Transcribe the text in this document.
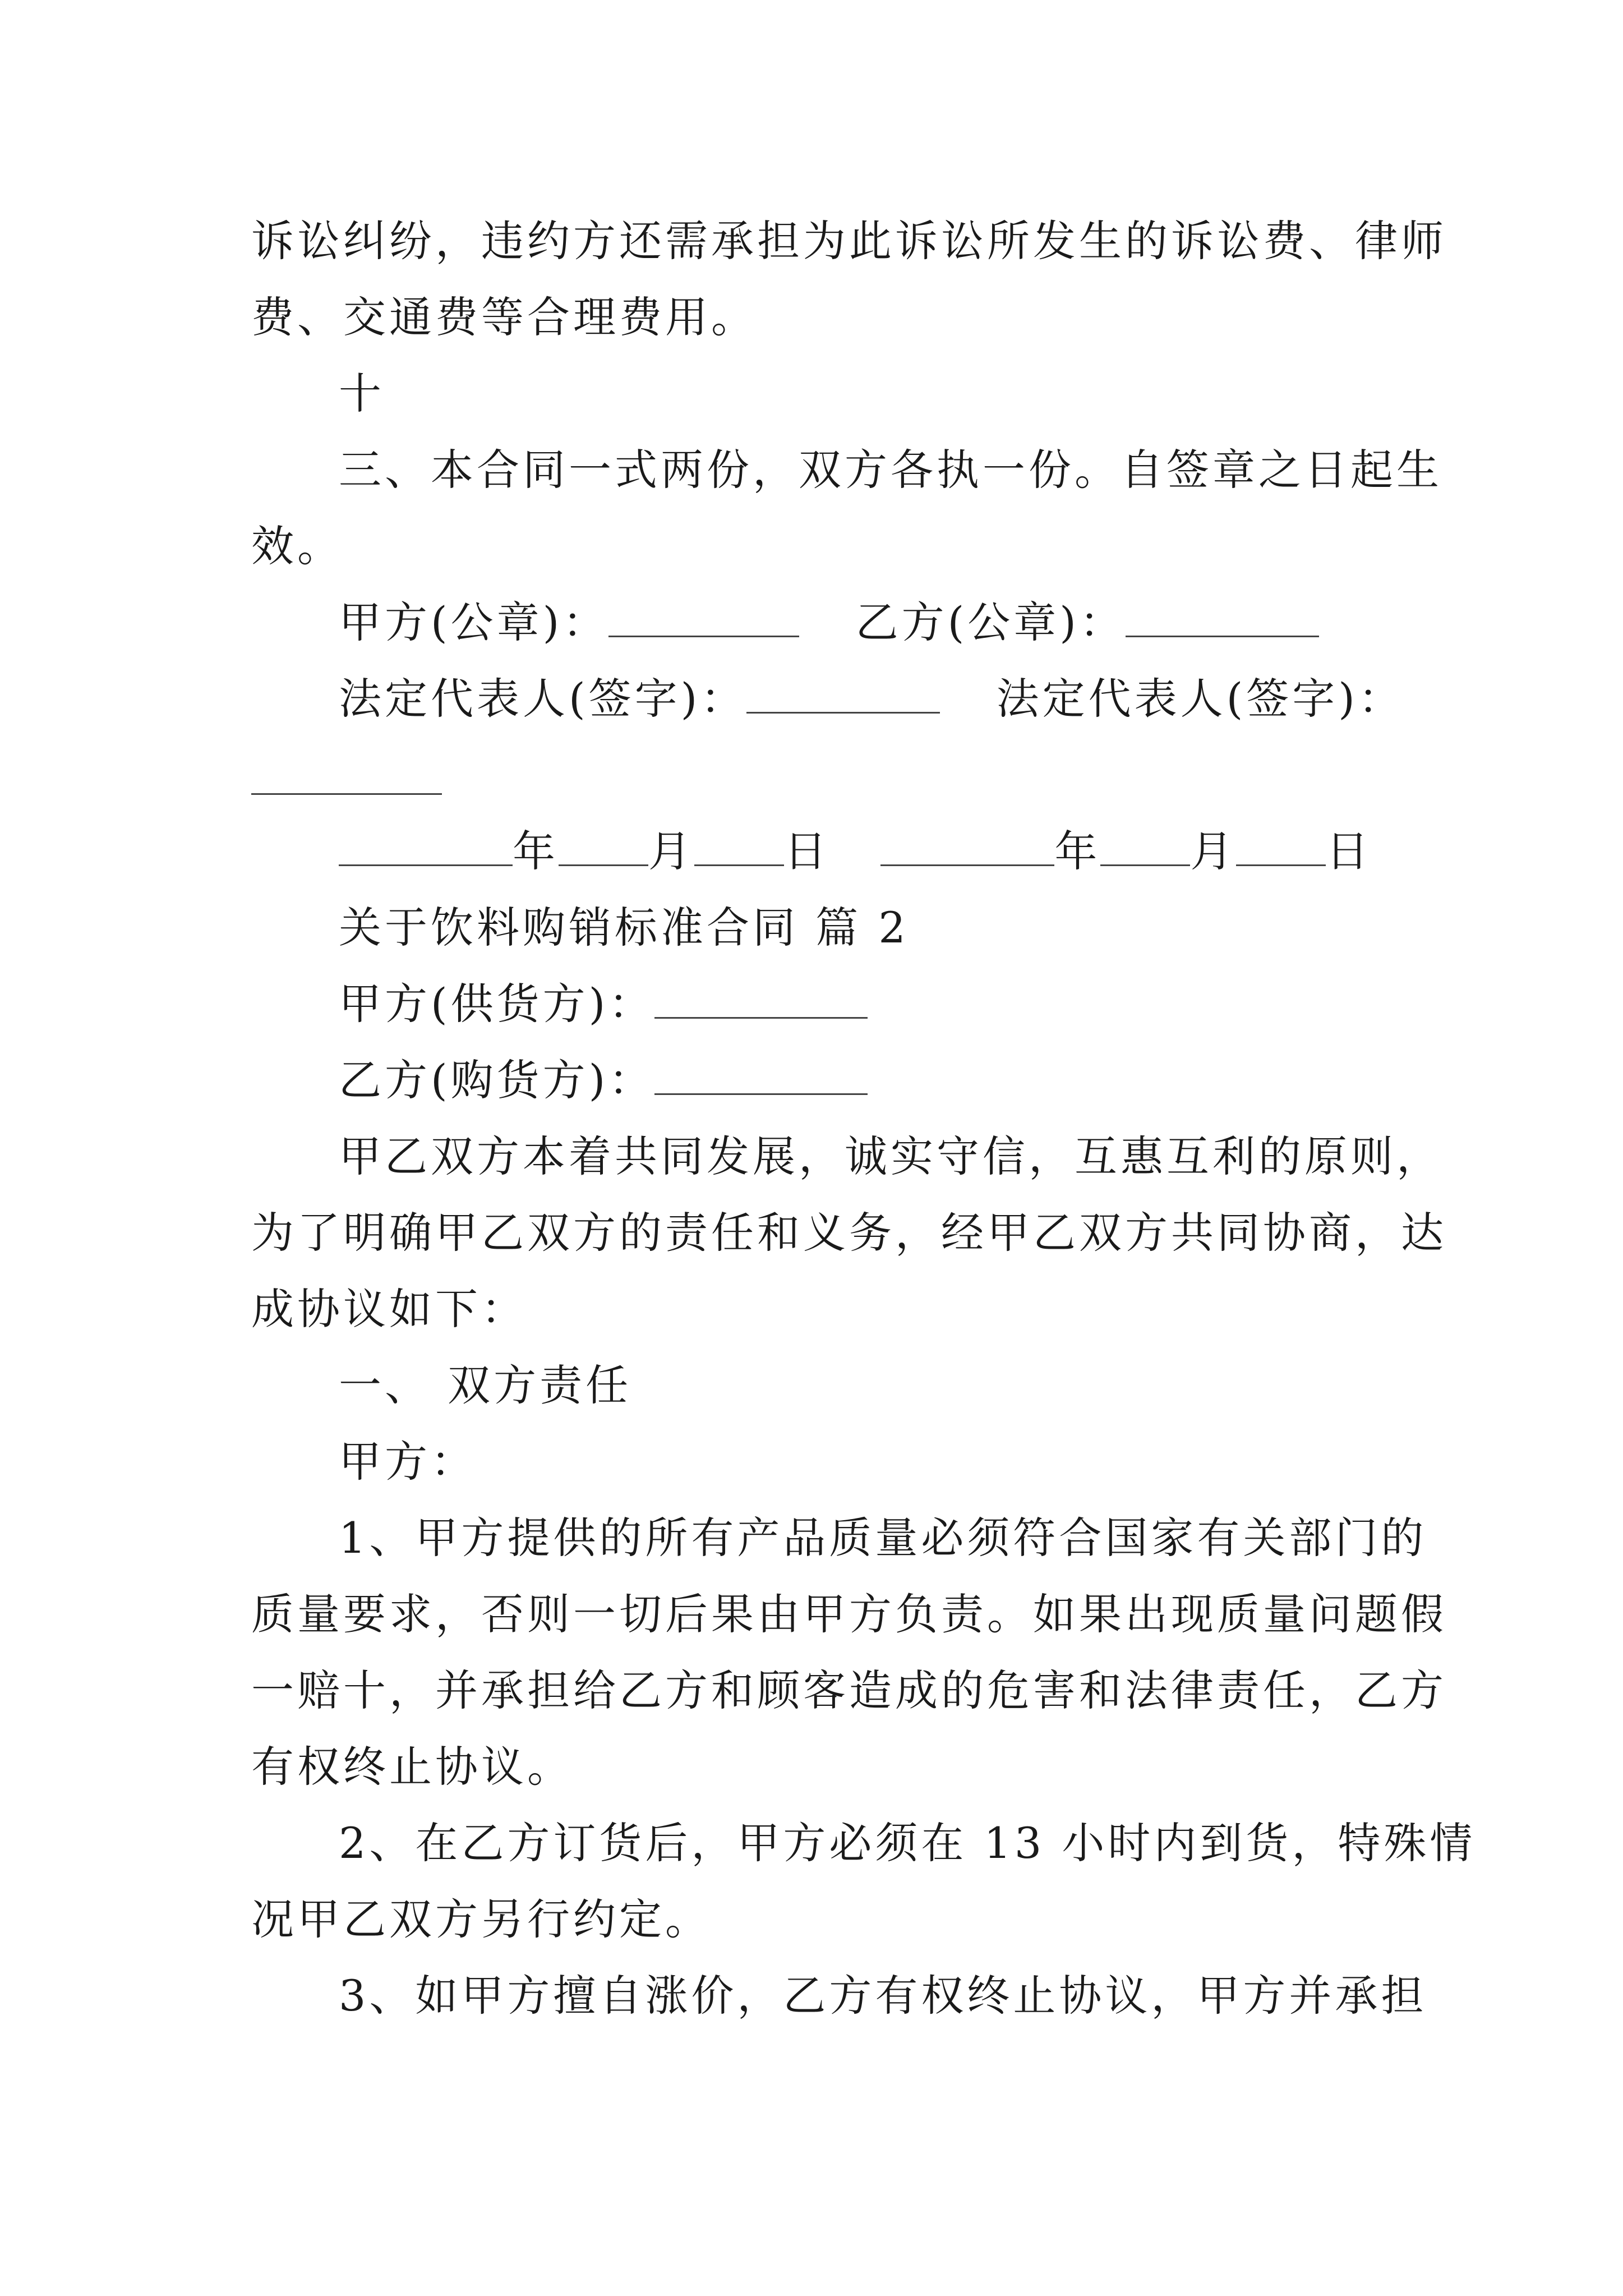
诉讼纠纷，违约方还需承担为此诉讼所发生的诉讼费、律师
费、交通费等合理费用。
十
三、本合同一式两份，双方各执一份。自签章之日起生
效。
甲方(公章)：	乙方(公章)：
法定代表人(签字)：	法定代表人(签字)：
年 月 日	年 月 日
关于饮料购销标准合同 篇 2
甲方(供货方)：
乙方(购货方)：
甲乙双方本着共同发展，诚实守信，互惠互利的原则，
为了明确甲乙双方的责任和义务，经甲乙双方共同协商，达
成协议如下：
一、 双方责任
甲方：
1、甲方提供的所有产品质量必须符合国家有关部门的
质量要求，否则一切后果由甲方负责。如果出现质量问题假
一赔十，并承担给乙方和顾客造成的危害和法律责任，乙方
有权终止协议。
2、在乙方订货后，甲方必须在 13 小时内到货，特殊情
况甲乙双方另行约定。
3、如甲方擅自涨价，乙方有权终止协议，甲方并承担
